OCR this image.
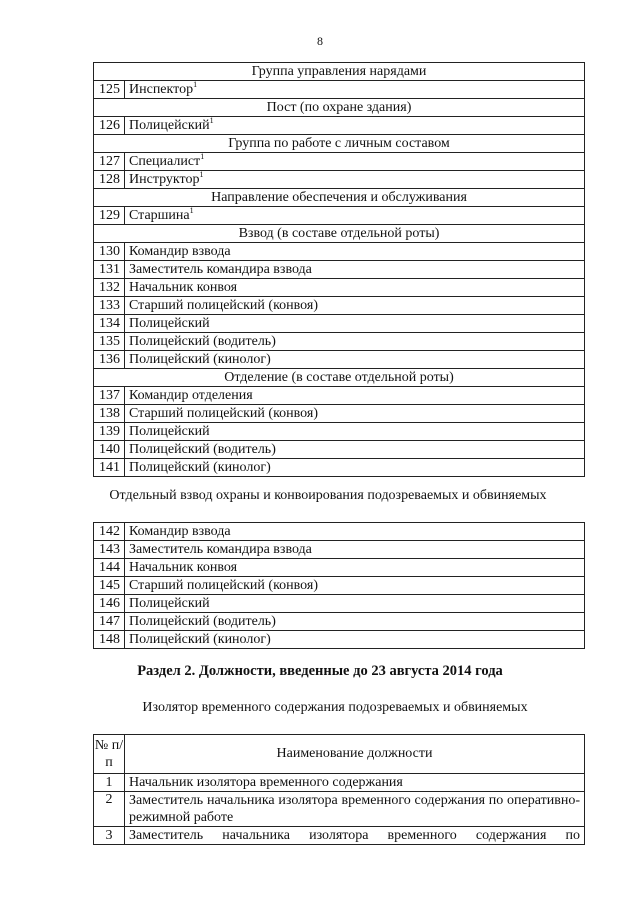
8
Группа управления нарядами	
125	Инспектор$^1$
Пост (по охране здания)	
126	Полицейский$^1$
Группа по работе с личным составом	
127	Специалист$^1$
128	Инструктор$^1$
Направление обеспечения и обслуживания	
129	Старшина$^1$
Взвод (в составе отдельной роты)	
130	Командир взвода
131	Заместитель командира взвода
132	Начальник конвоя
133	Старший полицейский (конвоя)
134	Полицейский
135	Полицейский (водитель)
136	Полицейский (кинолог)
Отделение (в составе отдельной роты)	
137	Командир отделения
138	Старший полицейский (конвоя)
139	Полицейский
140	Полицейский (водитель)
141	Полицейский (кинолог)
Отдельный взвод охраны и конвоирования подозреваемых и обвиняемых
142	Командир взвода
143	Заместитель командира взвода
144	Начальник конвоя
145	Старший полицейский (конвоя)
146	Полицейский
147	Полицейский (водитель)
148	Полицейский (кинолог)
Раздел 2. Должности, введенные до 23 августа 2014 года
Изолятор временного содержания подозреваемых и обвиняемых
№ п/п	Наименование должности
1	Начальник изолятора временного содержания
2	Заместитель начальника изолятора временного содержания по оперативно-режимной работе
3	Заместитель начальника изолятора временного содержания по
